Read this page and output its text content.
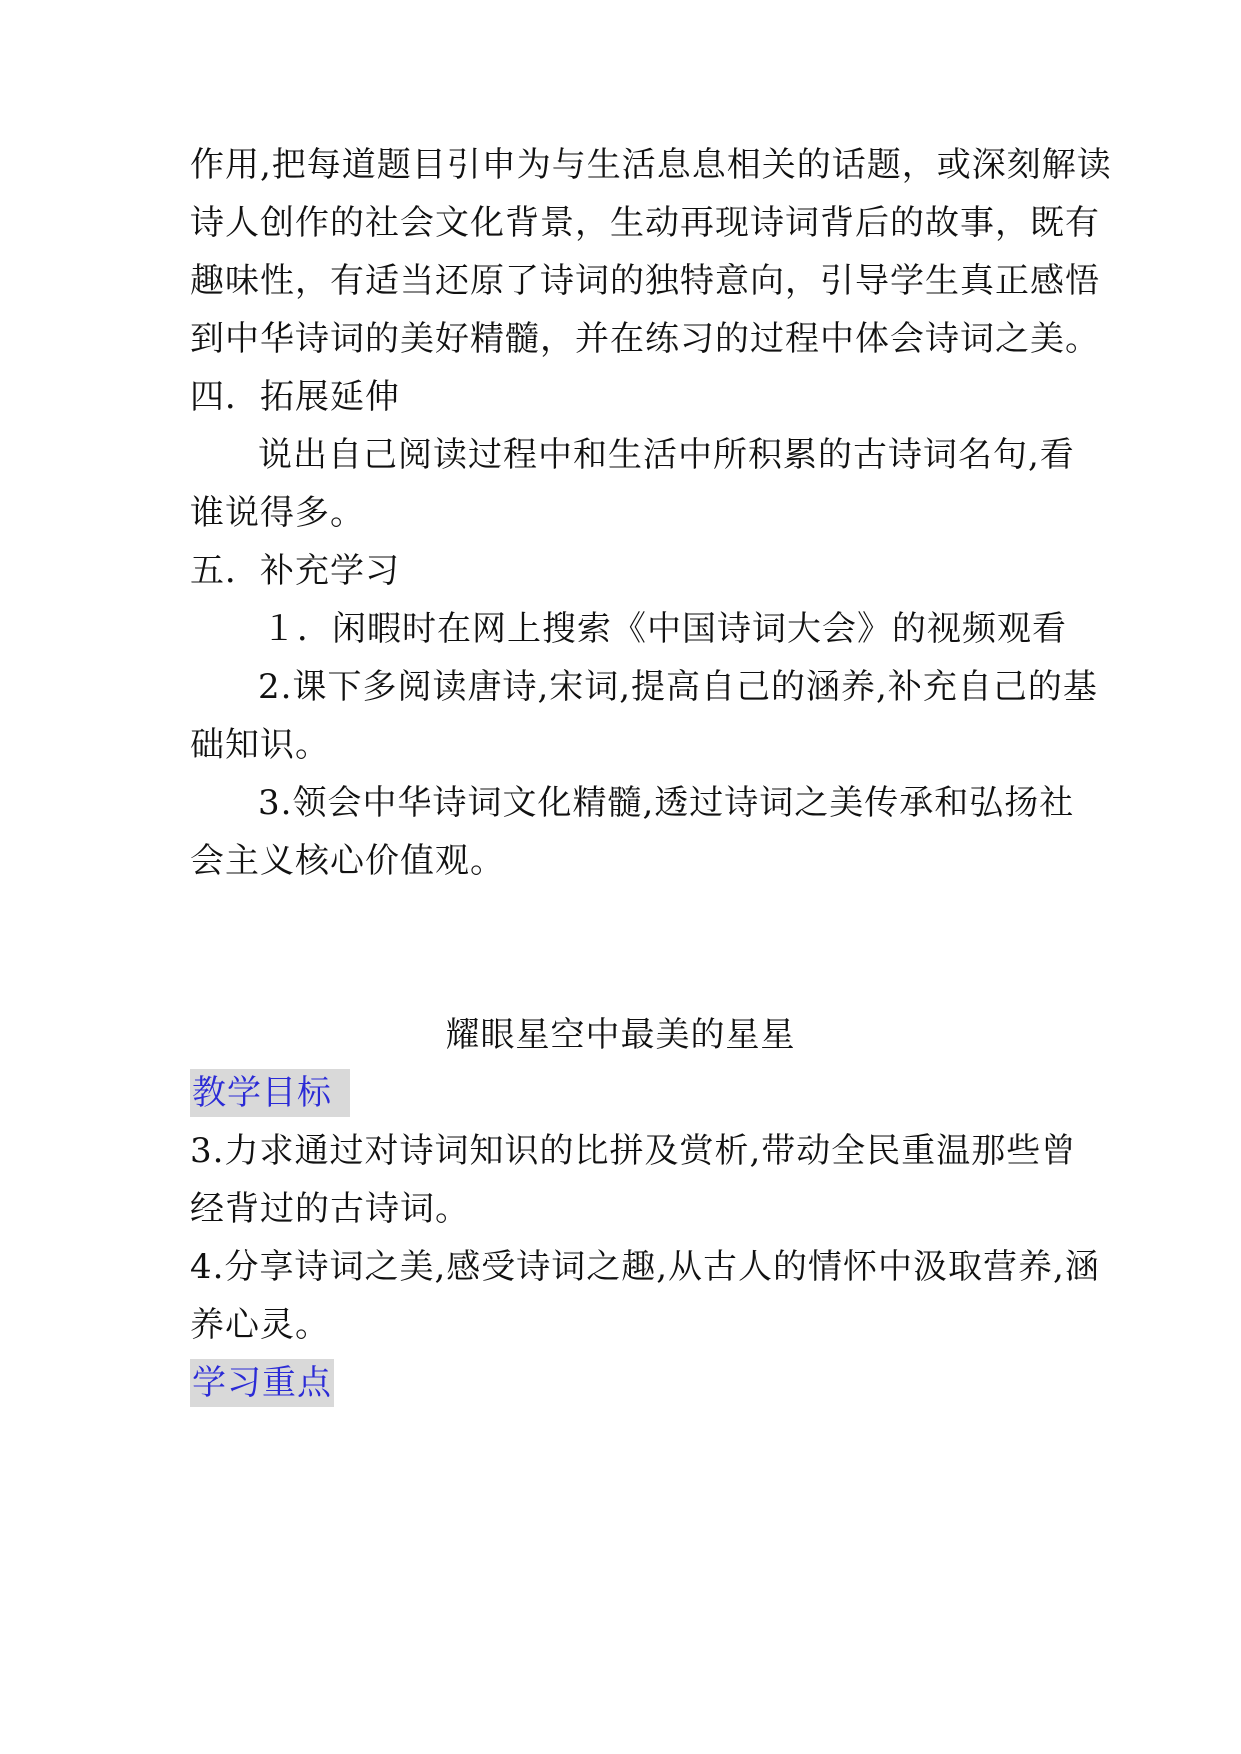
作用,把每道题目引申为与生活息息相关的话题，或深刻解读
诗人创作的社会文化背景，生动再现诗词背后的故事，既有
趣味性，有适当还原了诗词的独特意向，引导学生真正感悟
到中华诗词的美好精髓，并在练习的过程中体会诗词之美。
四．拓展延伸
说出自己阅读过程中和生活中所积累的古诗词名句,看
谁说得多。
五．补充学习
１．闲暇时在网上搜索《中国诗词大会》的视频观看
2.课下多阅读唐诗,宋词,提高自己的涵养,补充自己的基
础知识。
3.领会中华诗词文化精髓,透过诗词之美传承和弘扬社
会主义核心价值观。
耀眼星空中最美的星星
教学目标
3.力求通过对诗词知识的比拼及赏析,带动全民重温那些曾
经背过的古诗词。
4.分享诗词之美,感受诗词之趣,从古人的情怀中汲取营养,涵
养心灵。
学习重点
